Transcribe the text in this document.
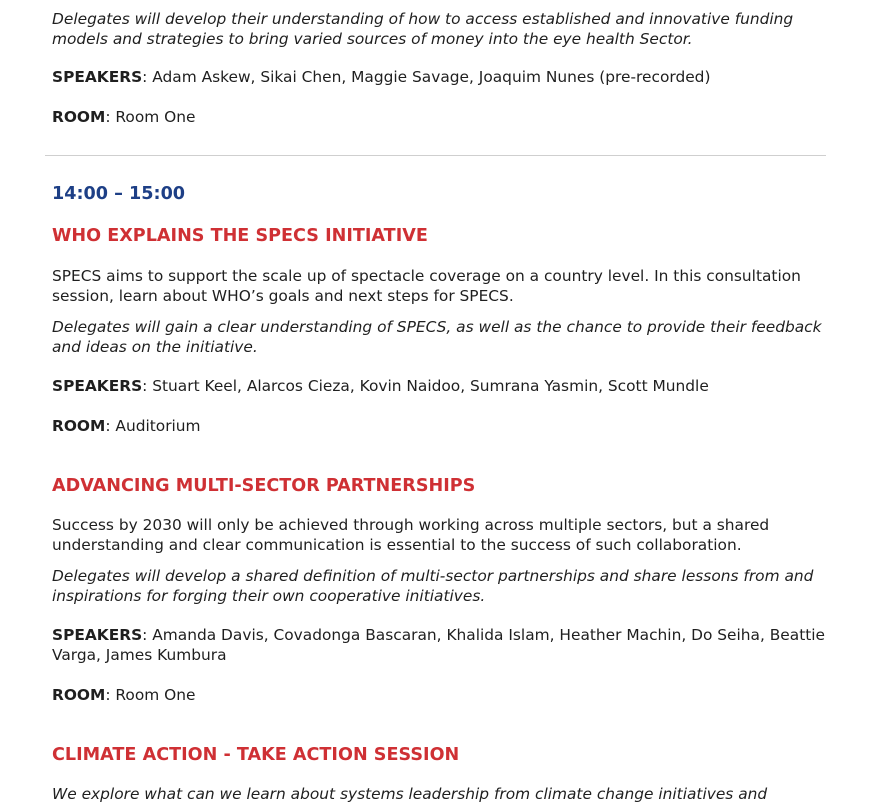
Delegates will develop their understanding of how to access established and innovative funding models and strategies to bring varied sources of money into the eye health Sector.

SPEAKERS: Adam Askew, Sikai Chen, Maggie Savage, Joaquim Nunes (pre-recorded)

ROOM: Room One

14:00 – 15:00

WHO EXPLAINS THE SPECS INITIATIVE

SPECS aims to support the scale up of spectacle coverage on a country level. In this consultation session, learn about WHO’s goals and next steps for SPECS.

Delegates will gain a clear understanding of SPECS, as well as the chance to provide their feedback and ideas on the initiative.

SPEAKERS: Stuart Keel, Alarcos Cieza, Kovin Naidoo, Sumrana Yasmin, Scott Mundle

ROOM: Auditorium

ADVANCING MULTI-SECTOR PARTNERSHIPS

Success by 2030 will only be achieved through working across multiple sectors, but a shared understanding and clear communication is essential to the success of such collaboration.

Delegates will develop a shared definition of multi-sector partnerships and share lessons from and inspirations for forging their own cooperative initiatives.

SPEAKERS: Amanda Davis, Covadonga Bascaran, Khalida Islam, Heather Machin, Do Seiha, Beattie Varga, James Kumbura

ROOM: Room One

CLIMATE ACTION - TAKE ACTION SESSION

We explore what can we learn about systems leadership from climate change initiatives and
